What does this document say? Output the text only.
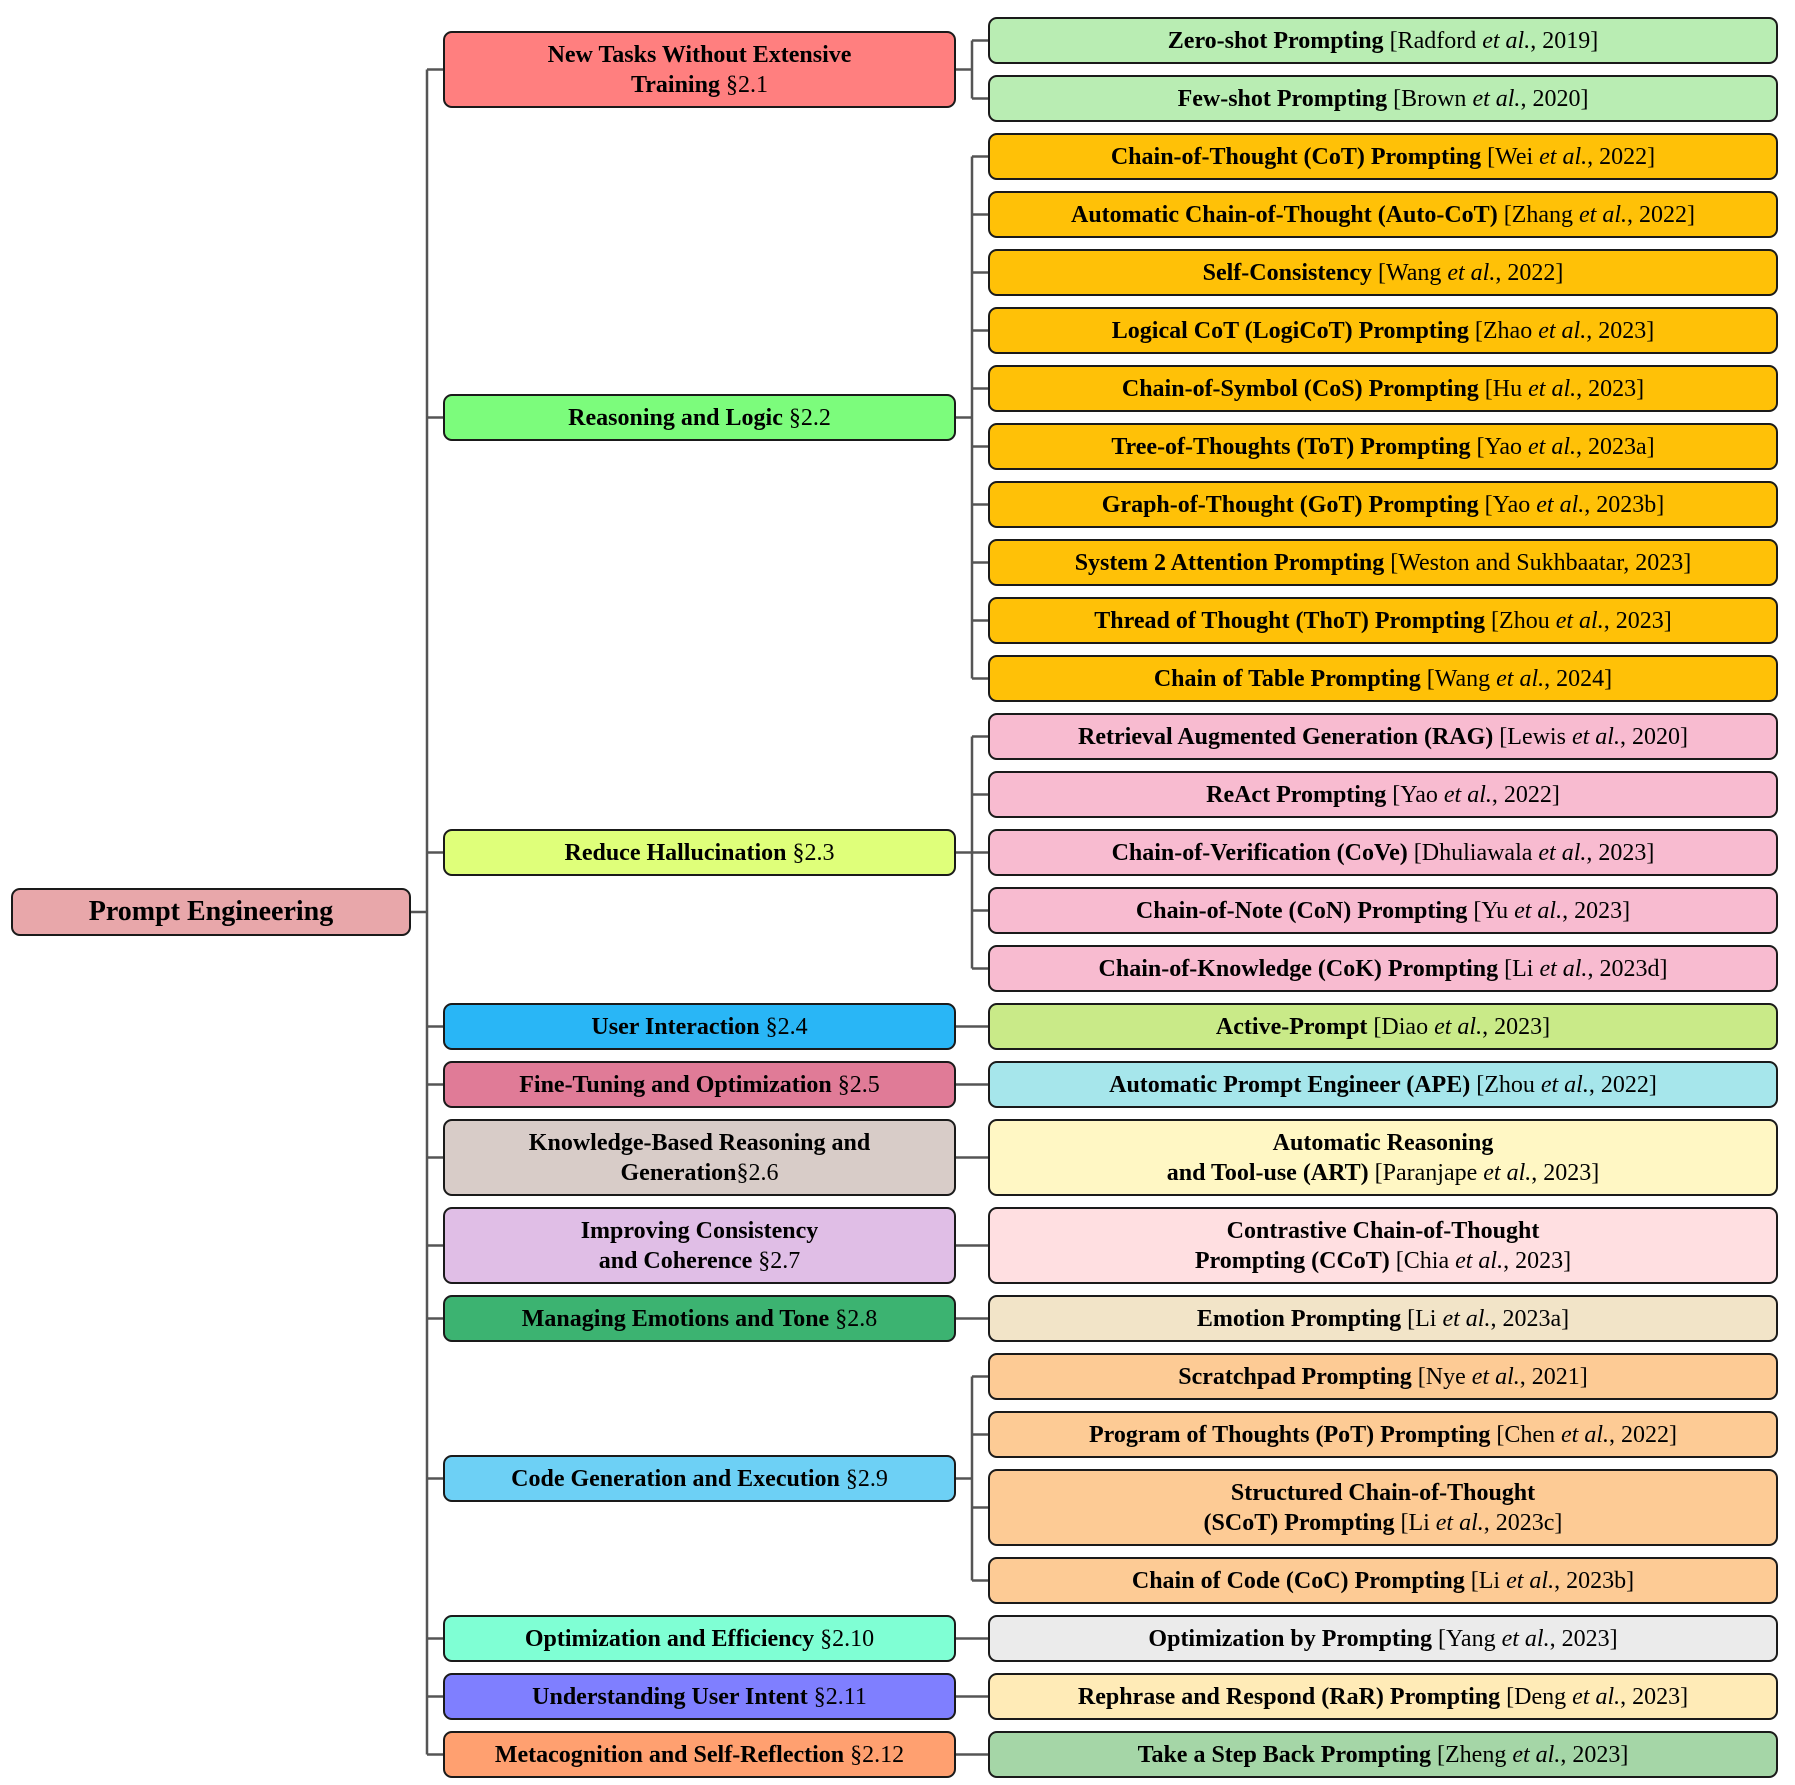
Prompt Engineering
New Tasks Without Extensive
Training §2.1
Zero-shot Prompting [Radford et al., 2019]
Few-shot Prompting [Brown et al., 2020]
Reasoning and Logic §2.2
Chain-of-Thought (CoT) Prompting [Wei et al., 2022]
Automatic Chain-of-Thought (Auto-CoT) [Zhang et al., 2022]
Self-Consistency [Wang et al., 2022]
Logical CoT (LogiCoT) Prompting [Zhao et al., 2023]
Chain-of-Symbol (CoS) Prompting [Hu et al., 2023]
Tree-of-Thoughts (ToT) Prompting [Yao et al., 2023a]
Graph-of-Thought (GoT) Prompting [Yao et al., 2023b]
System 2 Attention Prompting [Weston and Sukhbaatar, 2023]
Thread of Thought (ThoT) Prompting [Zhou et al., 2023]
Chain of Table Prompting [Wang et al., 2024]
Reduce Hallucination §2.3
Retrieval Augmented Generation (RAG) [Lewis et al., 2020]
ReAct Prompting [Yao et al., 2022]
Chain-of-Verification (CoVe) [Dhuliawala et al., 2023]
Chain-of-Note (CoN) Prompting [Yu et al., 2023]
Chain-of-Knowledge (CoK) Prompting [Li et al., 2023d]
User Interaction §2.4	Active-Prompt [Diao et al., 2023]
Fine-Tuning and Optimization §2.5	Automatic Prompt Engineer (APE) [Zhou et al., 2022]
Knowledge-Based Reasoning and
Generation§2.6
Automatic Reasoning
and Tool-use (ART) [Paranjape et al., 2023]
Improving Consistency
and Coherence §2.7
Contrastive Chain-of-Thought
Prompting (CCoT) [Chia et al., 2023]
Managing Emotions and Tone §2.8	Emotion Prompting [Li et al., 2023a]
Code Generation and Execution §2.9
Scratchpad Prompting [Nye et al., 2021]
Program of Thoughts (PoT) Prompting [Chen et al., 2022]
Structured Chain-of-Thought
(SCoT) Prompting [Li et al., 2023c]
Chain of Code (CoC) Prompting [Li et al., 2023b]
Optimization and Efficiency §2.10	Optimization by Prompting [Yang et al., 2023]
Understanding User Intent §2.11	Rephrase and Respond (RaR) Prompting [Deng et al., 2023]
Metacognition and Self-Reflection §2.12	Take a Step Back Prompting [Zheng et al., 2023]
